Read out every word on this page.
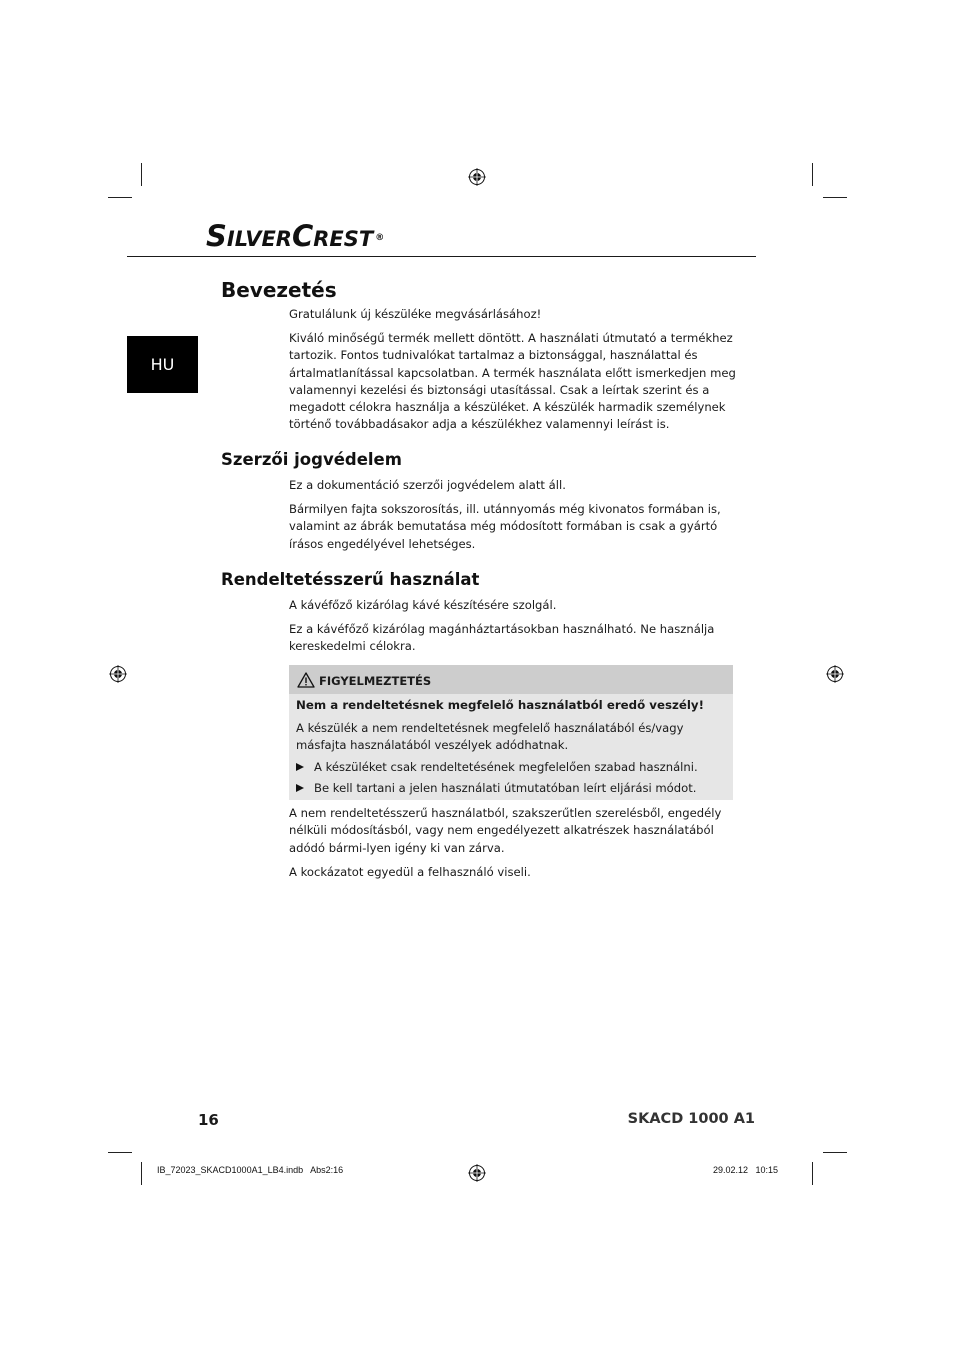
SILVERCREST ®
HU
Bevezetés

Gratulálunk új készüléke megvásárlásához!

Kiváló minőségű termék mellett döntött. A használati útmutató a termékhez tartozik. Fontos tudnivalókat tartalmaz a biztonsággal, használattal és ártalmatlanítással kapcsolatban. A termék használata előtt ismerkedjen meg valamennyi kezelési és biztonsági utasítással. Csak a leírtak szerint és a megadott célokra használja a készüléket. A készülék harmadik személynek történő továbbadásakor adja a készülékhez valamennyi leírást is.

Szerzői jogvédelem

Ez a dokumentáció szerzői jogvédelem alatt áll.

Bármilyen fajta sokszorosítás, ill. utánnyomás még kivonatos formában is, valamint az ábrák bemutatása még módosított formában is csak a gyártó írásos engedélyével lehetséges.

Rendeltetésszerű használat

A kávéfőző kizárólag kávé készítésére szolgál.

Ez a kávéfőző kizárólag magánháztartásokban használható. Ne használja kereskedelmi célokra.

FIGYELMEZTETÉS
Nem a rendeltetésnek megfelelő használatból eredő veszély!

A készülék a nem rendeltetésnek megfelelő használatából és/vagy másfajta használatából veszélyek adódhatnak.

A készüléket csak rendeltetésének megfelelően szabad használni.
Be kell tartani a jelen használati útmutatóban leírt eljárási módot.

A nem rendeltetésszerű használatból, szakszerűtlen szerelésből, engedély nélküli módosításból, vagy nem engedélyezett alkatrészek használatából adódó bármi-lyen igény ki van zárva.

A kockázatot egyedül a felhasználó viseli.

16	SKACD 1000 A1
IB_72023_SKACD1000A1_LB4.indb   Abs2:16	29.02.12   10:15
